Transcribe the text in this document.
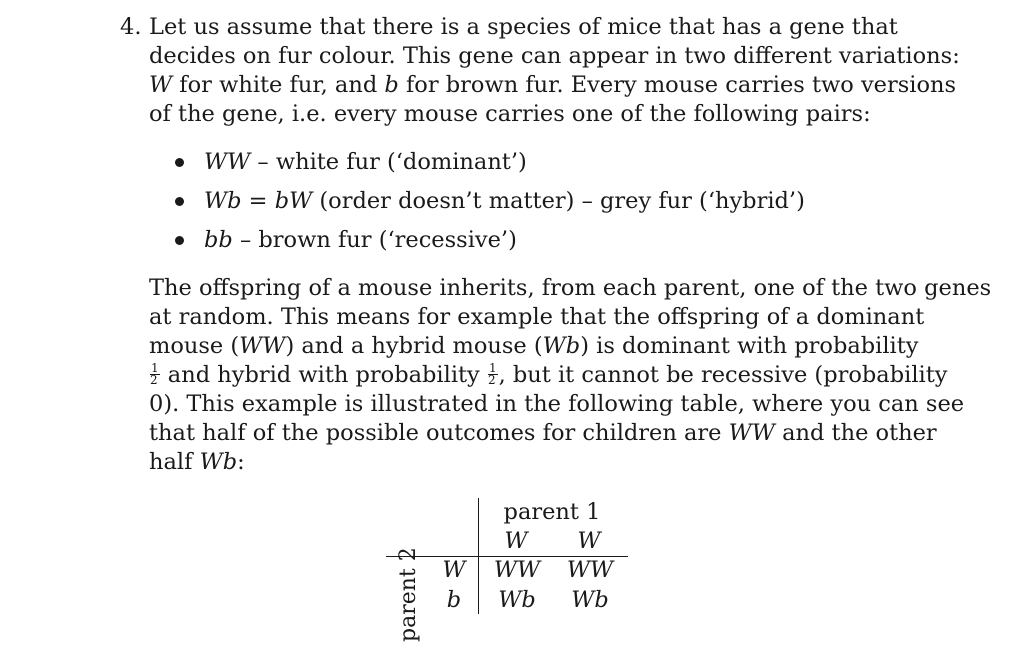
4. Let us assume that there is a species of mice that has a gene that
decides on fur colour. This gene can appear in two different variations:
W for white fur, and b for brown fur. Every mouse carries two versions
of the gene, i.e. every mouse carries one of the following pairs:
WW – white fur (‘dominant’)
Wb = bW (order doesn’t matter) – grey fur (‘hybrid’)
bb – brown fur (‘recessive’)
The offspring of a mouse inherits, from each parent, one of the two genes
at random. This means for example that the offspring of a dominant
mouse (WW) and a hybrid mouse (Wb) is dominant with probability
$\frac{1}{2}$ and hybrid with probability $\frac{1}{2}$ , but it cannot be recessive (probability
0). This example is illustrated in the following table, where you can see
that half of the possible outcomes for children are WW and the other
half Wb:
parent 1
W	W
parent 2 W
b
WW WW
Wb	Wb
